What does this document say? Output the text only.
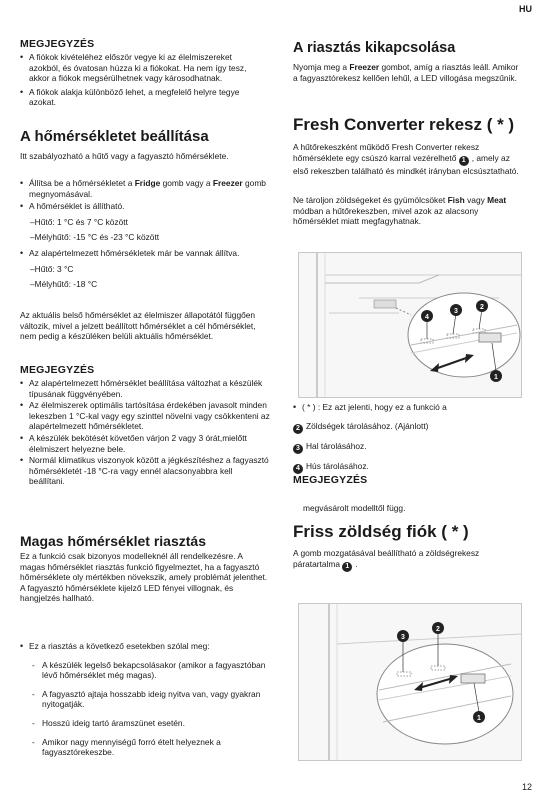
HU
MEGJEGYZÉS
• A fiókok kivételéhez először vegye ki az élelmiszereket azokból, és óvatosan húzza ki a fiókokat. Ha nem így tesz, akkor a fiókok megsérülhetnek vagy károsodhatnak.
• A fiókok alakja különböző lehet, a megfelelő helyre tegye azokat.
A hőmérsékletet beállítása

Itt szabályozható a hűtő vagy a fagyasztó hőmérséklete.

• Állítsa be a hőmérsékletet a Fridge gomb vagy a Freezer gomb megnyomásával.
• A hőmérséklet is állítható.
–Hűtő: 1 °C és 7 °C között
–Mélyhűtő: -15 °C és -23 °C között
• Az alapértelmezett hőmérsékletek már be vannak állítva.
–Hűtő: 3 °C
–Mélyhűtő: -18 °C

Az aktuális belső hőmérséklet az élelmiszer állapotától függően változik, mivel a jelzett beállított hőmérséklet a cél hőmérséklet, nem pedig a készüléken belüli aktuális hőmérséklet.

MEGJEGYZÉS
• Az alapértelmezett hőmérséklet beállítása változhat a készülék típusának függvényében.
• Az élelmiszerek optimális tartósítása érdekében javasolt minden lekeszben 1 °C-kal vagy egy szinttel növelni vagy csökkenteni az alapértelmezett hőmérsékletet.
• A készülék bekötését követően várjon 2 vagy 3 órát,mielőtt élelmiszert helyezne bele.
• Normál klimatikus viszonyok között a jégkészítéshez a fagyasztó hőmérsékletét -18 °C-ra vagy ennél alacsonyabbra kell beállítani.
Magas hőmérséklet riasztás

Ez a funkció csak bizonyos modelleknél áll rendelkezésre. A magas hőmérséklet riasztás funkció figyelmeztet, ha a fagyasztó hőmérséklete oly mértékben növekszik, amely problémát jelenthet. A fagyasztó hőmérséklete kijelző LED fényei villognak, és hangjelzés hallható.

• Ez a riasztás a következő esetekben szólal meg:
- A készülék legelső bekapcsolásakor (amikor a fagyasztóban lévő hőmérséklet még magas).
- A fagyasztó ajtaja hosszabb ideig nyitva van, vagy gyakran nyitogatják.
- Hosszú ideig tartó áramszünet esetén.
- Amikor nagy mennyiségű forró ételt helyeznek a fagyasztórekeszbe.
A riasztás kikapcsolása

Nyomja meg a Freezer gombot, amíg a riasztás leáll. Amikor a fagyasztórekesz kellően lehűl, a LED villogása megszűnik.

Fresh Converter rekesz ( * )

A hűtőrekeszként működő Fresh Converter rekesz hőmérséklete egy csúszó karral vezérelhető 1 , amely az első rekeszben található és mindkét irányban elcsúsztatható.

Ne tároljon zöldségeket és gyümölcsöket Fish vagy Meat módban a hűtőrekeszben, mivel azok az alacsony hőmérséklet miatt megfagyhatnak.

4
3
2
1

• ( * ) : Ez azt jelenti, hogy ez a funkció a

2 Zöldségek tárolásához. (Ajánlott)

3 Hal tárolásához.

4 Hús tárolásához.

MEGJEGYZÉS

megvásárolt modelltől függ.

Friss zöldség fiók ( * )

A gomb mozgatásával beállítható a zöldségrekesz páratartalma 1 .

3
2
1
12
